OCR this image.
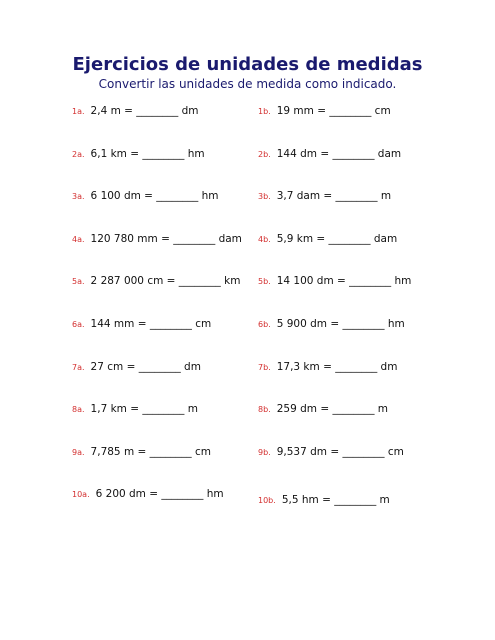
Ejercicios de unidades de medidas
Convertir las unidades de medida como indicado.
1a. 2,4 m = ________ dm	1b. 19 mm = ________ cm
2a. 6,1 km = ________ hm	2b. 144 dm = ________ dam
3a. 6 100 dm = ________ hm	3b. 3,7 dam = ________ m
4a. 120 780 mm = ________ dam 4b. 5,9 km = ________ dam
5a. 2 287 000 cm = ________ km 5b. 14 100 dm = ________ hm
6a. 144 mm = ________ cm	6b. 5 900 dm = ________ hm
7a. 27 cm = ________ dm	7b. 17,3 km = ________ dm
8a. 1,7 km = ________ m	8b. 259 dm = ________ m
9a. 7,785 m = ________ cm	9b. 9,537 dm = ________ cm
10a. 6 200 dm = ________ hm
10b. 5,5 hm = ________ m
